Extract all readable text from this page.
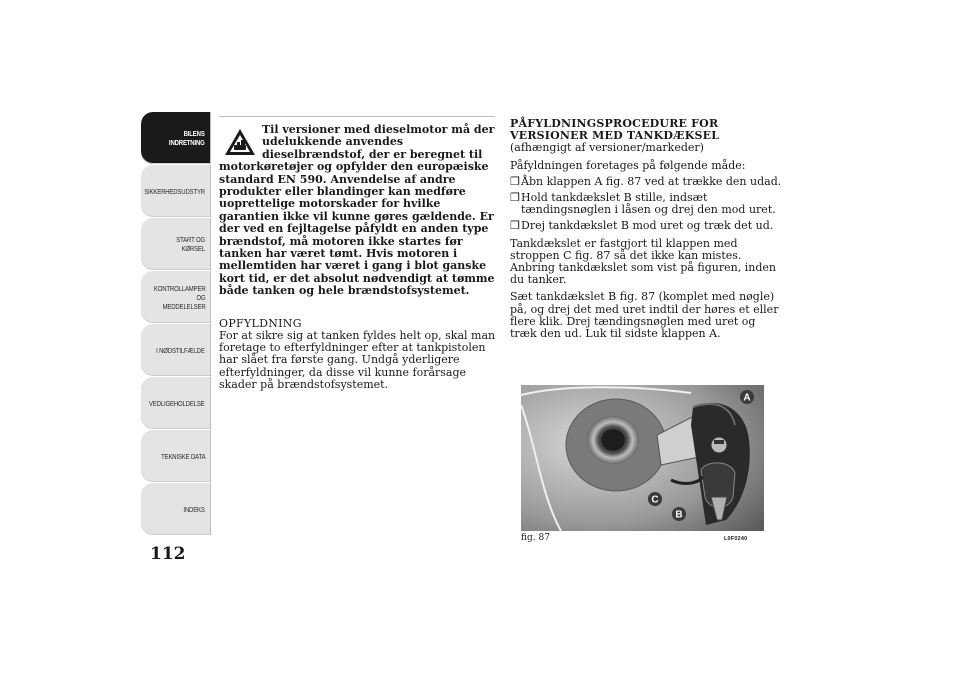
BILENS
INDRETNING
SIKKERHEDSUDSTYR
START OG KØRSEL
KONTROLLAMPER
OG MEDDELELSER
I NØDSTILFÆLDE
VEDLIGEHOLDELSE
TEKNISKE DATA
INDEKS
112
Til versioner med dieselmotor må der
udelukkende anvendes
dieselbrændstof, der er beregnet til
motorkøretøjer og opfylder den europæiske standard EN 590. Anvendelse af andre produkter eller blandinger kan medføre uoprettelige motorskader for hvilke garantien ikke vil kunne gøres gældende. Er der ved en fejltagelse påfyldt en anden type brændstof, må motoren ikke startes før tanken har været tømt. Hvis motoren i mellemtiden har været i gang i blot ganske kort tid, er det absolut nødvendigt at tømme både tanken og hele brændstofsystemet.
OPFYLDNING
For at sikre sig at tanken fyldes helt op, skal man foretage to efterfyldninger efter at tankpistolen har slået fra første gang. Undgå yderligere efterfyldninger, da disse vil kunne forårsage skader på brændstofsystemet.
PÅFYLDNINGSPROCEDURE FOR
VERSIONER MED TANKDÆKSEL
(afhængigt af versioner/markeder)
Påfyldningen foretages på følgende måde:
❒ Åbn klappen A fig. 87 ved at trække den udad.
❒ Hold tankdækslet B stille, indsæt tændingsnøglen i låsen og drej den mod uret.
❒ Drej tankdækslet B mod uret og træk det ud.
Tankdækslet er fastgjort til klappen med stroppen C fig. 87 så det ikke kan mistes. Anbring tankdækslet som vist på figuren, inden du tanker.
Sæt tankdækslet B fig. 87 (komplet med nøgle) på, og drej det med uret indtil der høres et eller flere klik. Drej tændingsnøglen med uret og træk den ud. Luk til sidste klappen A.
A
B
C
fig. 87	L0F0240
